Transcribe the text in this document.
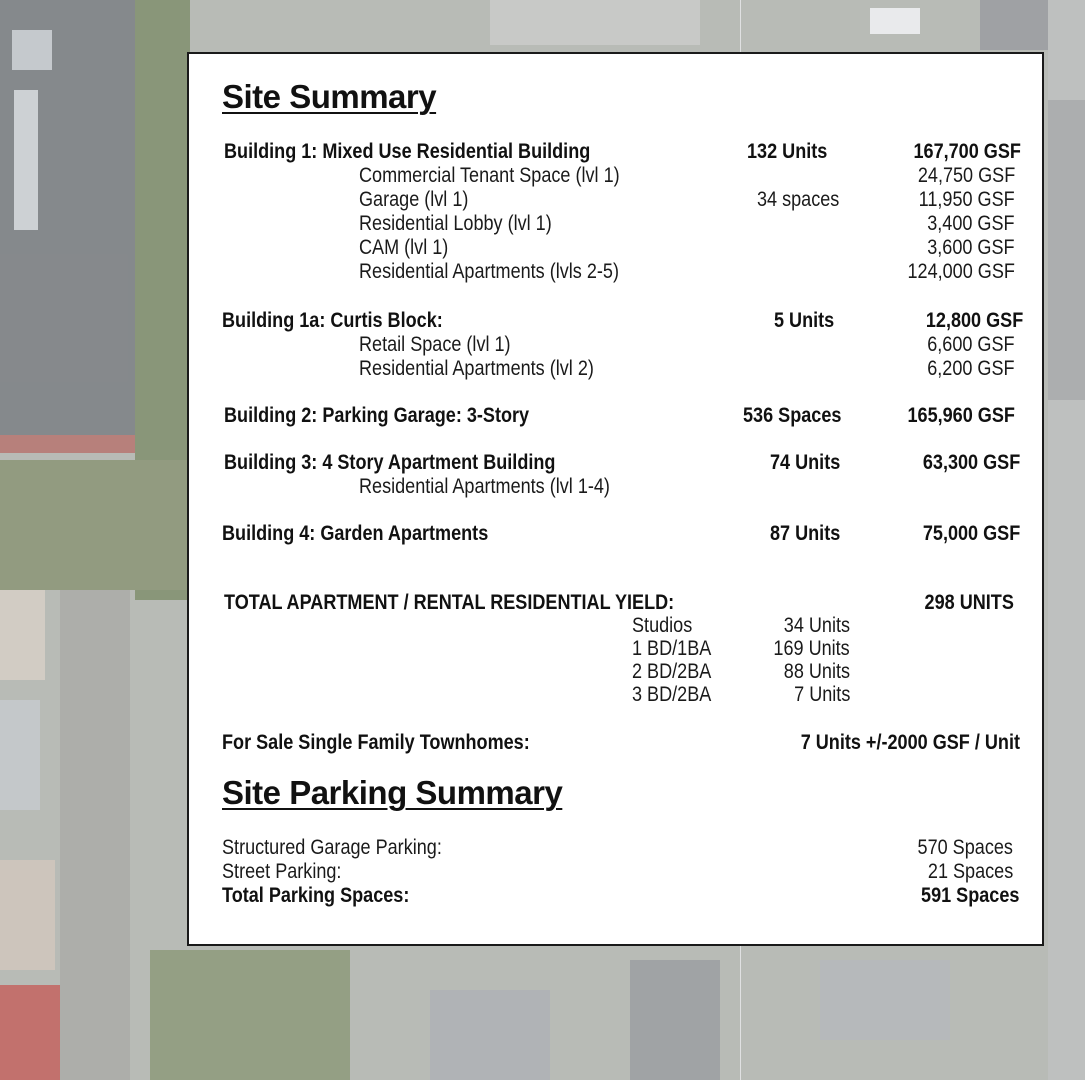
Site Summary
Building 1: Mixed Use Residential Building	132 Units	167,700 GSF
Commercial Tenant Space (lvl 1)	24,750 GSF
Garage (lvl 1)	34 spaces	11,950 GSF
Residential Lobby (lvl 1)	3,400 GSF
CAM (lvl 1)	3,600 GSF
Residential Apartments (lvls 2-5)	124,000 GSF
Building 1a: Curtis Block:	5 Units	12,800 GSF
Retail Space (lvl 1)	6,600 GSF
Residential Apartments (lvl 2)	6,200 GSF
Building 2: Parking Garage: 3-Story	536 Spaces	165,960 GSF
Building 3: 4 Story Apartment Building	74 Units	63,300 GSF
Residential Apartments (lvl 1-4)
Building 4: Garden Apartments	87 Units	75,000 GSF
TOTAL APARTMENT / RENTAL RESIDENTIAL YIELD:	298 UNITS
Studios	34 Units
1 BD/1BA	169 Units
2 BD/2BA	88 Units
3 BD/2BA	7 Units
For Sale Single Family Townhomes:	7 Units +/-2000 GSF / Unit
Site Parking Summary
Structured Garage Parking:	570 Spaces
Street Parking:	21 Spaces
Total Parking Spaces:	591 Spaces
